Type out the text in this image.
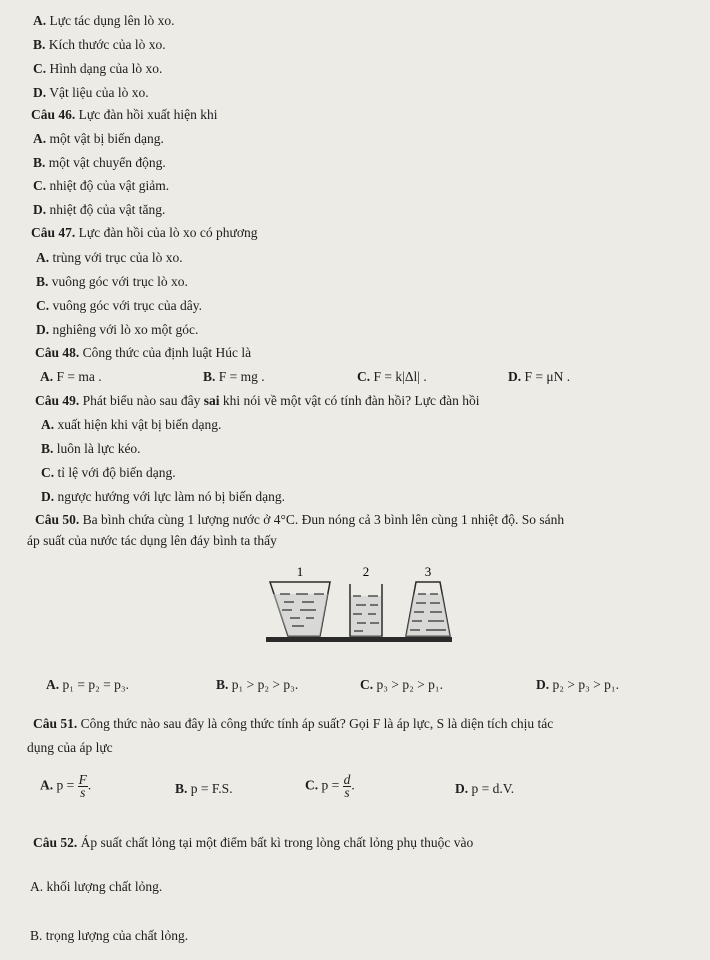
A. Lực tác dụng lên lò xo.
B. Kích thước của lò xo.
C. Hình dạng của lò xo.
D. Vật liệu của lò xo.
Câu 46. Lực đàn hồi xuất hiện khi
A. một vật bị biến dạng.
B. một vật chuyển động.
C. nhiệt độ của vật giảm.
D. nhiệt độ của vật tăng.
Câu 47. Lực đàn hồi của lò xo có phương
A. trùng với trục của lò xo.
B. vuông góc với trục lò xo.
C. vuông góc với trục của dây.
D. nghiêng với lò xo một góc.
Câu 48. Công thức của định luật Húc là
A. F = ma .	B. F = mg .	C. F = k|Δl| .	D. F = μN .
Câu 49. Phát biểu nào sau đây sai khi nói về một vật có tính đàn hồi? Lực đàn hồi
A. xuất hiện khi vật bị biến dạng.
B. luôn là lực kéo.
C. tỉ lệ với độ biến dạng.
D. ngược hướng với lực làm nó bị biến dạng.
Câu 50. Ba bình chứa cùng 1 lượng nước ở 4°C. Đun nóng cả 3 bình lên cùng 1 nhiệt độ. So sánh
áp suất của nước tác dụng lên đáy bình ta thấy
1	2	3
A. p₁ = p₂ = p₃.	B. p₁ > p₂ > p₃.	C. p₃ > p₂ > p₁.	D. p₂ > p₃ > p₁.
Câu 51. Công thức nào sau đây là công thức tính áp suất? Gọi F là áp lực, S là diện tích chịu tác
dụng của áp lực
A. $p = \frac{F}{s}$ .	B. p = F.S.	C. $p = \frac{d}{s}$ .	D. p = d.V.
Câu 52. Áp suất chất lỏng tại một điểm bất kì trong lòng chất lỏng phụ thuộc vào
A. khối lượng chất lỏng.
B. trọng lượng của chất lỏng.
